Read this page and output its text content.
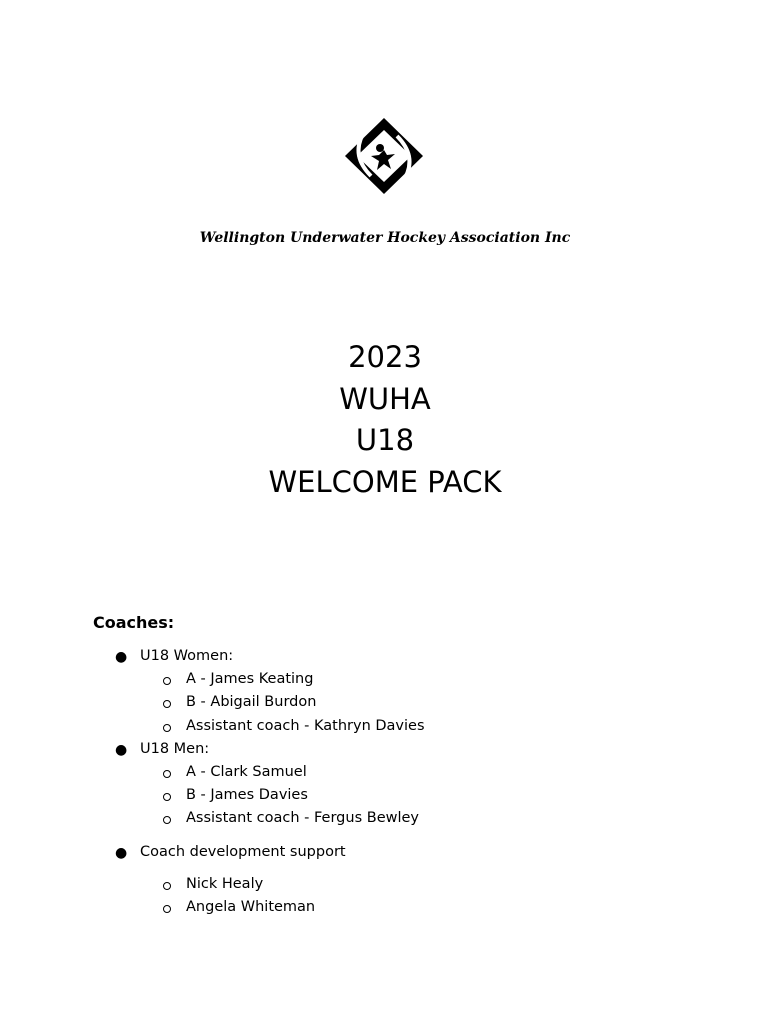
Wellington Underwater Hockey Association Inc
2023
WUHA
U18
WELCOME PACK
Coaches:
● U18 Women:
A - James Keating
B - Abigail Burdon
Assistant coach - Kathryn Davies
● U18 Men:
A - Clark Samuel
B - James Davies
Assistant coach - Fergus Bewley
● Coach development support
Nick Healy
Angela Whiteman
